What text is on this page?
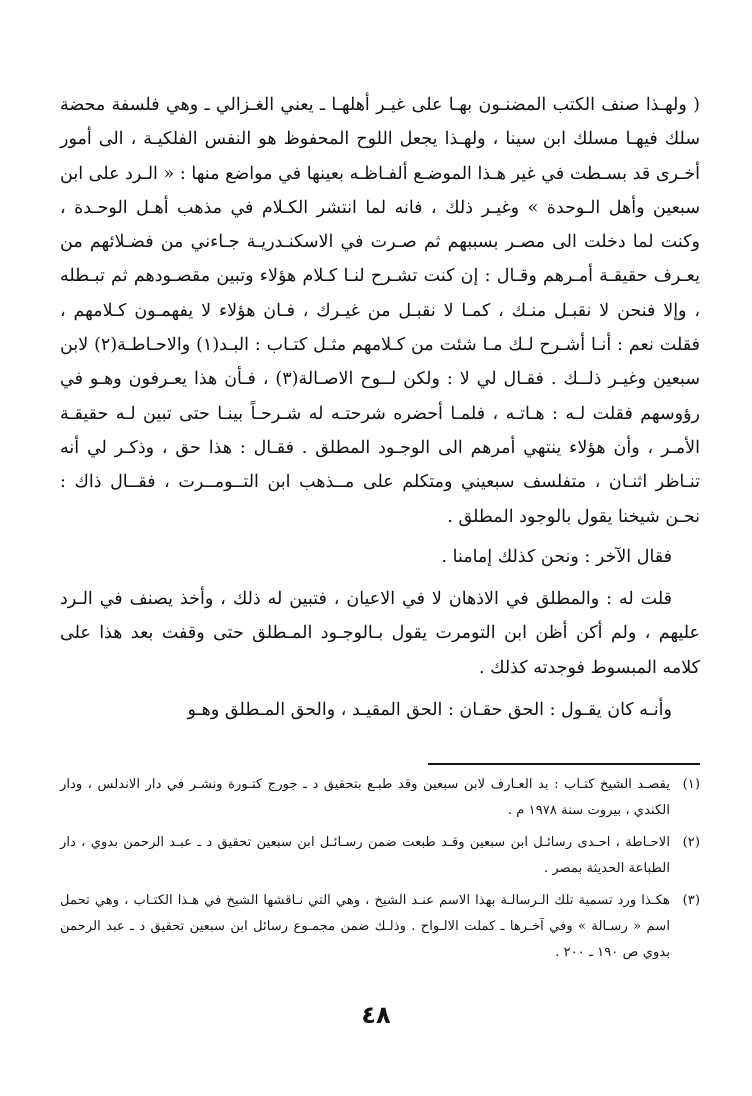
( ولهـذا صنف الكتب المضنـون بهـا على غيـر أهلهـا ـ يعني الغـزالي ـ وهي فلسفة محضة سلك فيهـا مسلك ابن سينا ، ولهـذا يجعل اللوح المحفوظ هو النفس الفلكيـة ، الى أمور أخـرى قد بسـطت في غير هـذا الموضـع ألفـاظـه بعينها في مواضع منها : « الـرد على ابن سبعين وأهل الـوحدة » وغيـر ذلك ، فانه لما انتشر الكـلام في مذهب أهـل الوحـدة ، وكنت لما دخلت الى مصـر بسببهم ثم صـرت في الاسكنـدريـة جـاءني من فضـلائهم من يعـرف حقيقـة أمـرهم وقـال : إن كنت تشـرح لنـا كـلام هؤلاء وتبين مقصـودهم ثم تبـطله ، وإلا فنحن لا نقبـل منـك ، كمـا لا نقبـل من غيـرك ، فـان هؤلاء لا يفهمـون كـلامهم ، فقلت نعم : أنـا أشـرح لـك مـا شئت من كـلامهم مثـل كتـاب : البـد(١) والاحـاطـة(٢) لابن سبعين وغيـر ذلــك . فقـال لي لا : ولكن لــوح الاصـالة(٣) ، فـأن هذا يعـرفون وهـو في رؤوسهم فقلت لـه : هـاتـه ، فلمـا أحضره شرحتـه له شـرحـاً بينـا حتى تبين لـه حقيقـة الأمـر ، وأن هؤلاء ينتهي أمرهم الى الوجـود المطلق . فقـال : هذا حق ، وذكـر لي أنه تنـاظر اثنـان ، متفلسف سبعيني ومتكلم على مــذهب ابن التــومــرت ، فقــال ذاك : نحـن شيخنا يقول بالوجود المطلق .

فقال الآخر : ونحن كذلك إمامنا .

قلت له : والمطلق في الاذهان لا في الاعيان ، فتبين له ذلك ، وأخذ يصنف في الـرد عليهم ، ولم أكن أظن ابن التومرت يقول بـالوجـود المـطلق حتى وقفت بعد هذا على كلامه المبسوط فوجدته كذلك .

وأنـه كان يقـول : الحق حقـان : الحق المقيـد ، والحق المـطلق وهـو

(١)
يقصـد الشيخ كتـاب : بد العـارف لابن سبعين وقد طبـع بتحقيق د ـ جورج كتـورة ونشـر في دار الاندلس ، ودار الكندي ، بيروت سنة ١٩٧٨ م .

(٢)
الاحـاطة ، احـدى رسائـل ابن سبعين وقـد طبعت ضمن رسـائـل ابن سبعين تحقيق د ـ عبـد الرحمن بدوي ، دار الطباعة الحديثة بمصر .

(٣)
هكـذا ورد تسمية تلك الـرسالـة بهذا الاسم عنـد الشيخ ، وهي التي نـاقشها الشيخ في هـذا الكتـاب ، وهي تحمل اسم « رسـالة » وفي آخـرها ـ كملت الالـواح . وذلـك ضمن مجمـوع رسائل ابن سبعين تحقيق د ـ عبد الرحمن بدوي ص ١٩٠ ـ ٢٠٠ .

٤٨
